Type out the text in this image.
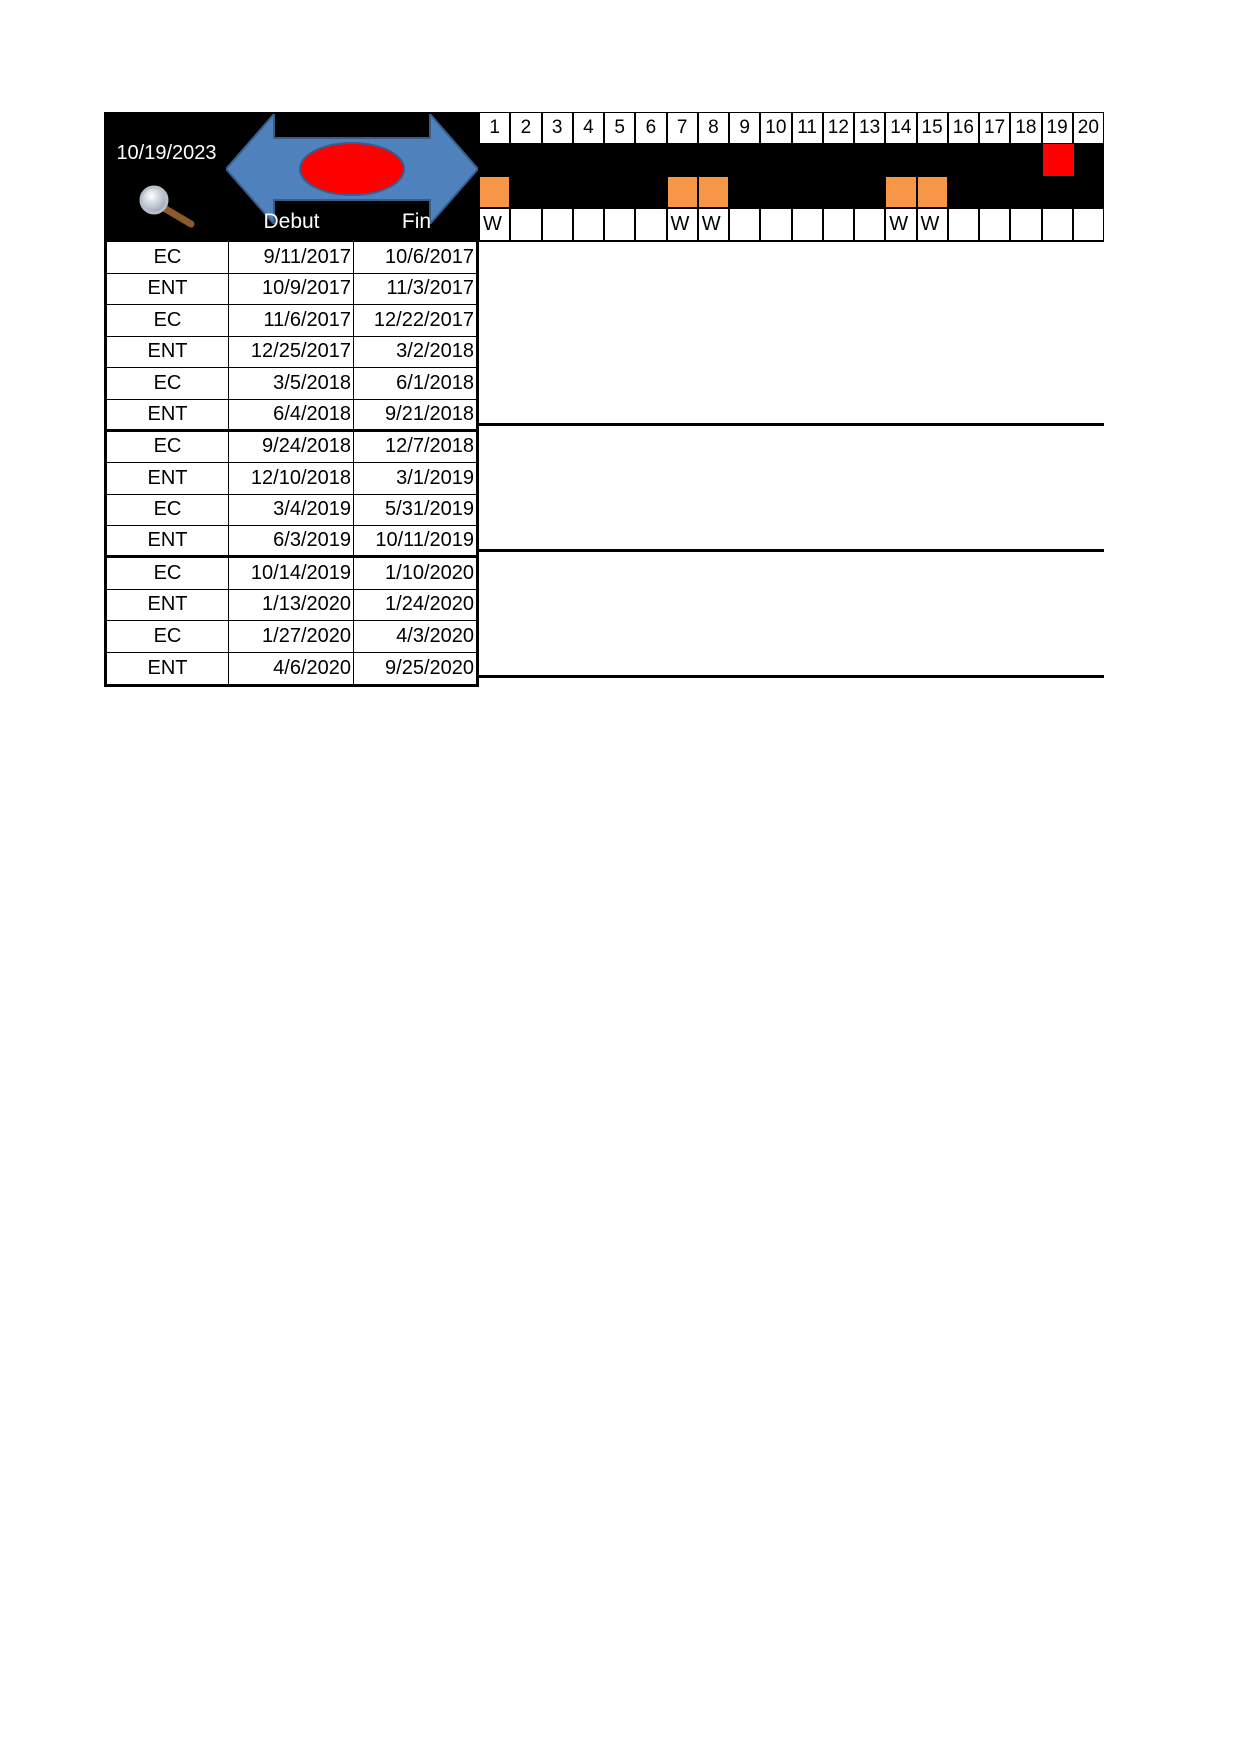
10/19/2023
Debut	Fin
1	2	3	4	5	6	7	8	9 10 11 12 13 14 15 16 17 18 19 20
W	W W	W W
EC	9/11/2017	10/6/2017
ENT	10/9/2017	11/3/2017
EC	11/6/2017	12/22/2017
ENT	12/25/2017	3/2/2018
EC	3/5/2018	6/1/2018
ENT	6/4/2018	9/21/2018
EC	9/24/2018	12/7/2018
ENT	12/10/2018	3/1/2019
EC	3/4/2019	5/31/2019
ENT	6/3/2019	10/11/2019
EC	10/14/2019	1/10/2020
ENT	1/13/2020	1/24/2020
EC	1/27/2020	4/3/2020
ENT	4/6/2020	9/25/2020
